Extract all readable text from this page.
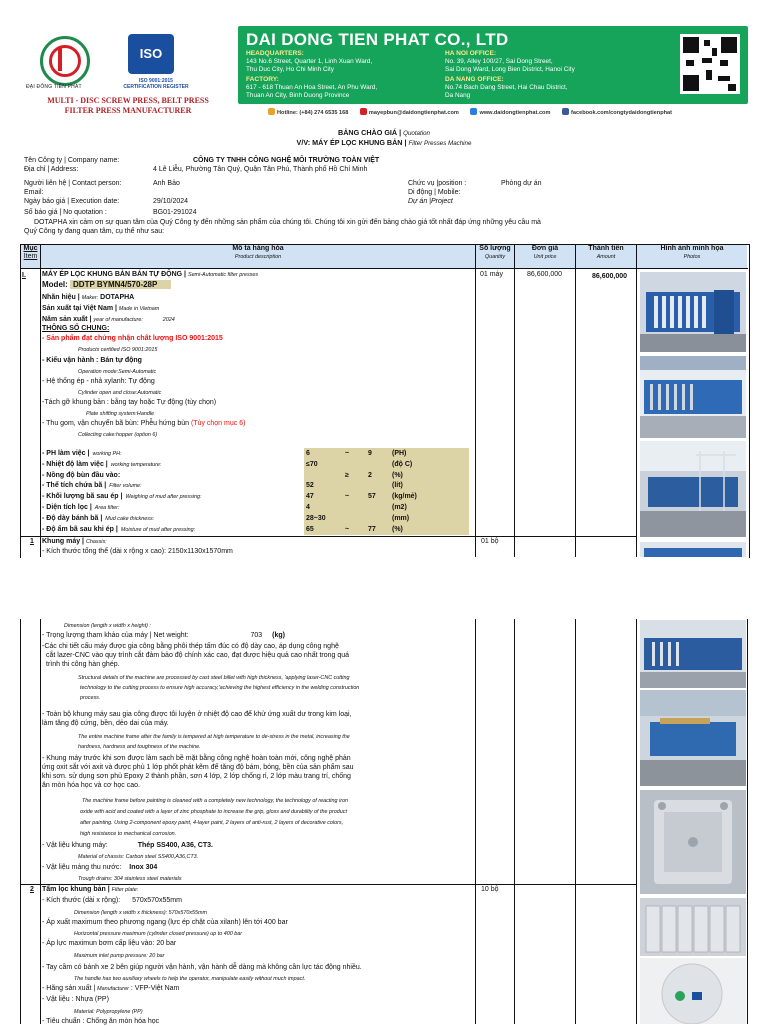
ĐẠI ĐÔNG TIẾN PHÁT
ISO
ISO 9001:2015
CERTIFICATION REGISTER
MULTI - DISC SCREW PRESS, BELT PRESS
FILTER PRESS MANUFACTURER
DAI DONG TIEN PHAT CO., LTD
HEADQUARTERS:
143 No.6 Street, Quarter 1, Linh Xuan Ward,
Thu Duc City, Ho Chi Minh City
FACTORY:
617 - 618 Thuan An Hoa Street, An Phu Ward,
Thuan An City, Binh Duong Province
HA NOI OFFICE:
No. 39, Alley 100/27, Sai Dong Street,
Sai Dong Ward, Long Bien District, Hanoi City
DA NANG OFFICE:
No.74 Bach Dang Street, Hai Chau District,
Da Nang
Hotline: (+84) 274 6535 168	mayepbun@daidongtienphat.com	www.daidongtienphat.com	facebook.com/congtydaidongtienphat
BẢNG CHÀO GIÁ | Quotation
V/V: MÁY ÉP LỌC KHUNG BẢN | Filter Presses Machine
Tên Công ty | Company name:	CÔNG TY TNHH CÔNG NGHỆ MÔI TRƯỜNG TOÀN VIỆT
Địa chỉ | Address:	4 Lê Liễu, Phường Tân Quý, Quận Tân Phú, Thành phố Hồ Chí Minh
Người liên hệ | Contact person:	Anh Bảo	Chức vụ |position :	Phòng dự án
Email:	Di động | Mobile:
Ngày báo giá | Execution date:	29/10/2024	Dự án |Project
Số báo giá | No quotation :	BG01-291024
DOTAPHA xin cảm ơn sự quan tâm của Quý Công ty đến những sản phẩm của chúng tôi. Chúng tôi xin gửi đến bảng chào giá tốt nhất đáp ứng những yêu cầu mà
Quý Công ty đang quan tâm, cụ thể như sau:
Mục
Item
Mô tả hàng hóa
Product description
Số lượng
Quantity
Đơn giá
Unit price
Thành tiền
Amount
Hình ảnh minh họa
Photos
I. MÁY ÉP LỌC KHUNG BẢN BÁN TỰ ĐỘNG | Semi-Automatic filter presses	01 máy	86,600,000	86,600,000
Model: DDTP BYMN4/570-28P
Nhãn hiệu | Maker: DOTAPHA
Sản xuất tại Việt Nam | Made in Vietnam
Năm sản xuất | year of manufacture:	2024
THÔNG SỐ CHUNG:
- Sản phẩm đạt chứng nhận chất lượng ISO 9001:2015
Products certified ISO 9001:2015
- Kiểu vận hành : Bán tự động
Operation mode:Semi-Automatic
- Hệ thống ép - nhả xylanh: Tự động
Cylinder open and close:Automatic
-Tách gỡ khung bản : bằng tay hoặc Tự động (tùy chọn)
Plate shifting system:Handle
- Thu gom, vận chuyển bã bùn: Phễu hứng bùn (Tùy chọn mục 6)
Collecting cake:hopper (option 6)
- PH làm việc | working PH:	6	~	9	(PH)
- Nhiệt độ làm việc | working temperature:	≤70	(độ C)
- Nồng độ bùn đầu vào:	≥	2	(%)
- Thể tích chứa bã | Filter volume:	52	(lít)
- Khối lượng bã sau ép | Weighing of mud after pressing:	47	~	57 (kg/mẻ)
- Diện tích lọc | Area filter:	4	(m2)
- Độ dày bánh bã | Mud cake thickness:	28~30	(mm)
- Độ ẩm bã sau khi ép | Moisture of mud after pressing:	65	~	77 (%)
1 Khung máy | Chassis:	01 bộ
- Kích thước tổng thể (dài x rộng x cao): 2150x1130x1570mm
Dimension (length x width x height) :
- Trọng lượng tham khảo của máy | Net weight:	703 (kg)
-Các chi tiết cấu máy được gia công bằng phôi thép tấm đúc có độ dày cao, áp dụng công nghệ
cắt lazer-CNC vào quy trình cắt đảm bảo độ chính xác cao, đạt được hiệu quả cao nhất trong quá
trình thi công hàn ghép.
Structural details of the machine are processed by cast steel billet with high thickness, 'applying laser-CNC cutting
technology to the cutting process to ensure high accuracy,'achieving the highest efficiency in the welding construction
process.
- Toàn bộ khung máy sau gia công được tôi luyện ở nhiệt độ cao để khử ứng xuất dư trong kim loại,
làm tăng độ cứng, bền, dẻo dai của máy.
The entire machine frame after the family is tempered at high temperature to de-stress in the metal, increasing the
hardness, hardness and toughness of the machine.
- Khung máy trước khi sơn được làm sạch bề mặt bằng công nghệ hoàn toàn mới, công nghệ phản
ứng oxit sắt với axit và được phủ 1 lớp phốt phát kẽm để tăng độ bám, bóng, bền của sản phẩm sau
khi sơn. sử dụng sơn phủ Epoxy 2 thành phần, sơn 4 lớp, 2 lớp chống rỉ, 2 lớp màu trang trí, chống
ăn mòn hóa học và cơ học cao.
The machine frame before painting is cleaned with a completely new technology, the technology of reacting iron
oxide with acid and coated with a layer of zinc phosphate to increase the grip, gloss and durability of the product
after painting. Using 2-component epoxy paint, 4-layer paint, 2 layers of anti-rust, 2 layers of decorative colors,
high resistance to mechanical corrosion.
- Vật liệu khung máy:	Thép SS400, A36, CT3.
Material of chassis: Carbon steel SS400,A36,CT3.
- Vật liệu máng thu nước: Inox 304
Trough drains: 304 stainless steel materials
2 Tấm lọc khung bản | Filter plate:	10 bộ
- Kích thước (dài x rộng): 570x570x55mm
Dimension (length x width x thickness): 570x570x55mm
- Áp xuất maximum theo phương ngang (lực ép chặt của xilanh) lên tới 400 bar
Horizontal pressure maximum (cylinder closed pressure) up to 400 bar
- Áp lực maximun bơm cấp liệu vào: 20 bar
Maximum inlet pump pressure: 20 bar
- Tay cầm có bánh xe 2 bên giúp người vận hành, vận hành dễ dàng mà không cần lực tác động nhiều.
The handle has two auxiliary wheels to help the operator, manipulate easily without much impact.
- Hãng sản xuất | Manufacturer : VFP-Việt Nam
- Vật liệu : Nhựa (PP)
Material: Polypropylene (PP)
- Tiêu chuẩn : Chống ăn mòn hóa học
